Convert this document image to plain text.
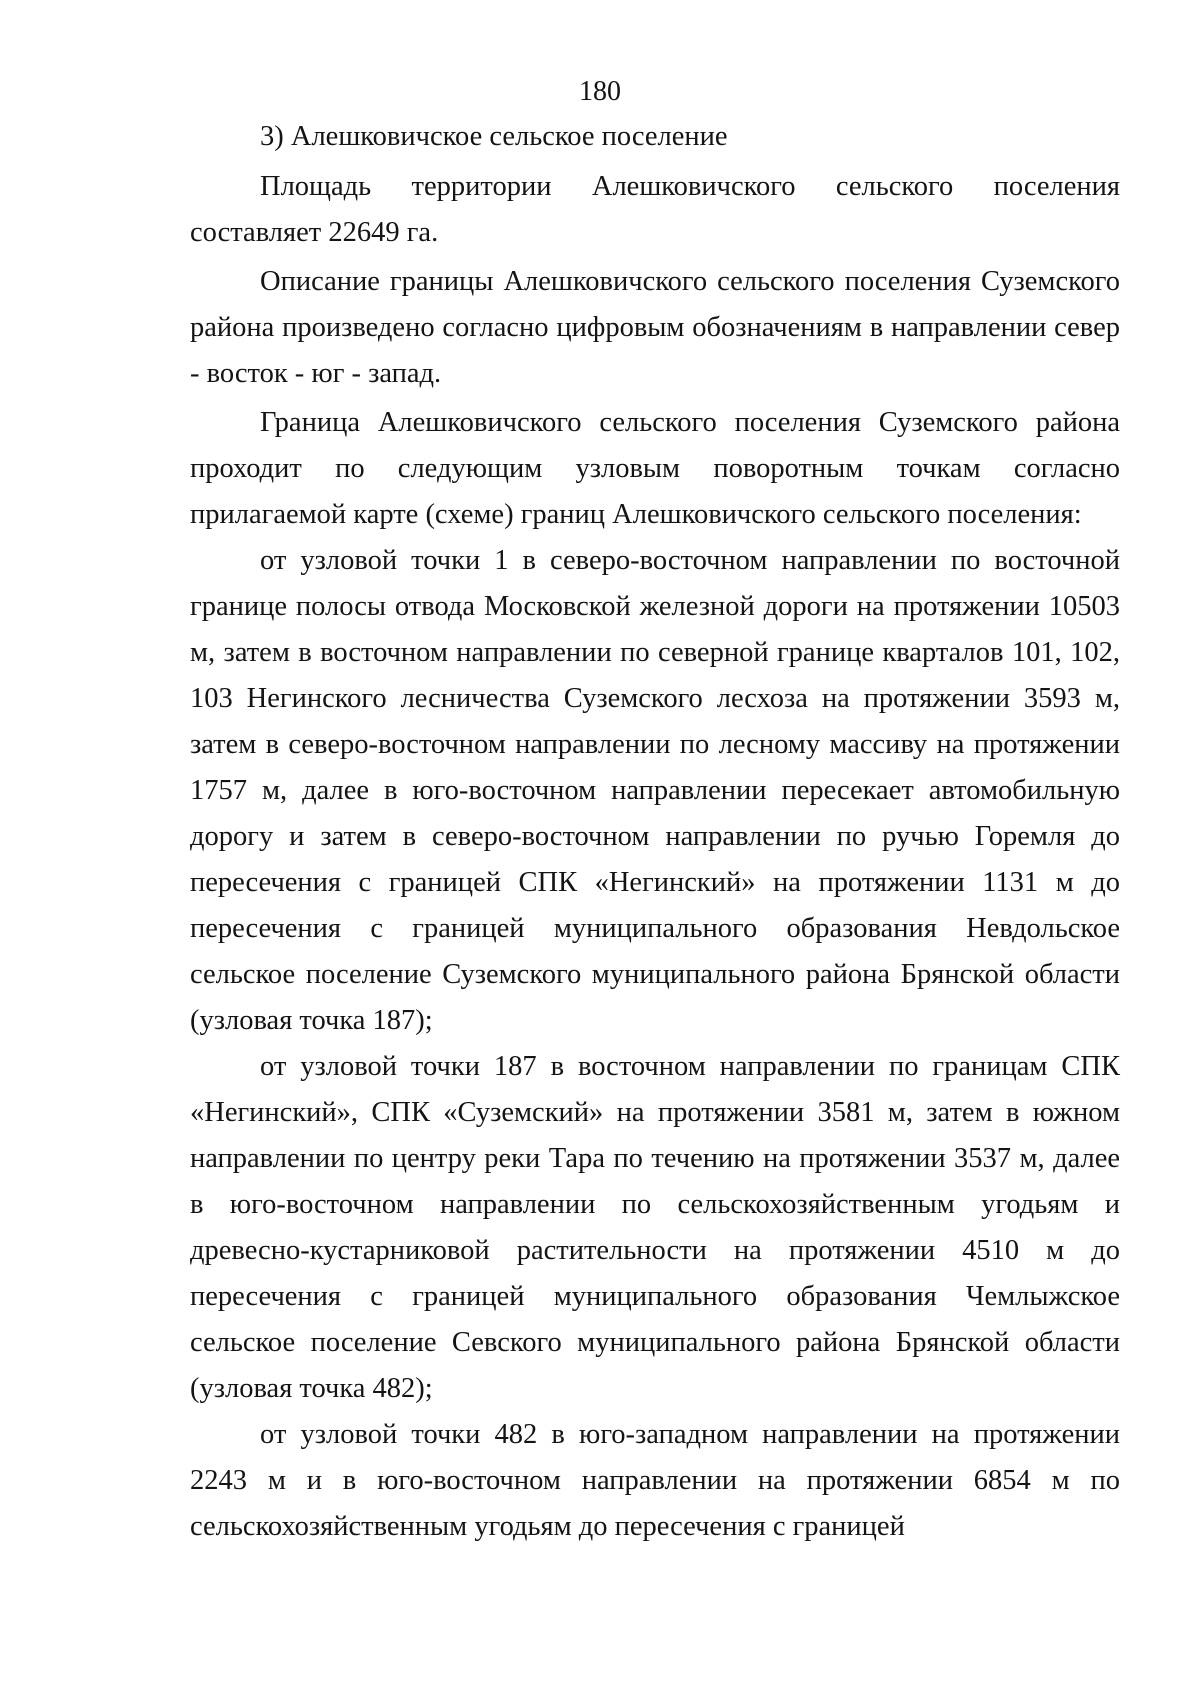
180

3) Алешковичское сельское поселение

Площадь территории Алешковичского сельского поселения составляет 22649 га.

Описание границы Алешковичского сельского поселения Суземского района произведено согласно цифровым обозначениям в направлении север - восток - юг - запад.

Граница Алешковичского сельского поселения Суземского района проходит по следующим узловым поворотным точкам согласно прилагаемой карте (схеме) границ Алешковичского сельского поселения:

от узловой точки 1 в северо-восточном направлении по восточной границе полосы отвода Московской железной дороги на протяжении 10503 м, затем в восточном направлении по северной границе кварталов 101, 102, 103 Негинского лесничества Суземского лесхоза на протяжении 3593 м, затем в северо-восточном направлении по лесному массиву на протяжении 1757 м, далее в юго-восточном направлении пересекает автомобильную дорогу и затем в северо-восточном направлении по ручью Горемля до пересечения с границей СПК «Негинский» на протяжении 1131 м до пересечения с границей муниципального образования Невдольское сельское поселение Суземского муниципального района Брянской области (узловая точка 187);

от узловой точки 187 в восточном направлении по границам СПК «Негинский», СПК «Суземский» на протяжении 3581 м, затем в южном направлении по центру реки Тара по течению на протяжении 3537 м, далее в юго-восточном направлении по сельскохозяйственным угодьям и древесно-кустарниковой растительности на протяжении 4510 м до пересечения с границей муниципального образования Чемлыжское сельское поселение Севского муниципального района Брянской области (узловая точка 482);

от узловой точки 482 в юго-западном направлении на протяжении 2243 м и в юго-восточном направлении на протяжении 6854 м по сельскохозяйственным угодьям до пересечения с границей
